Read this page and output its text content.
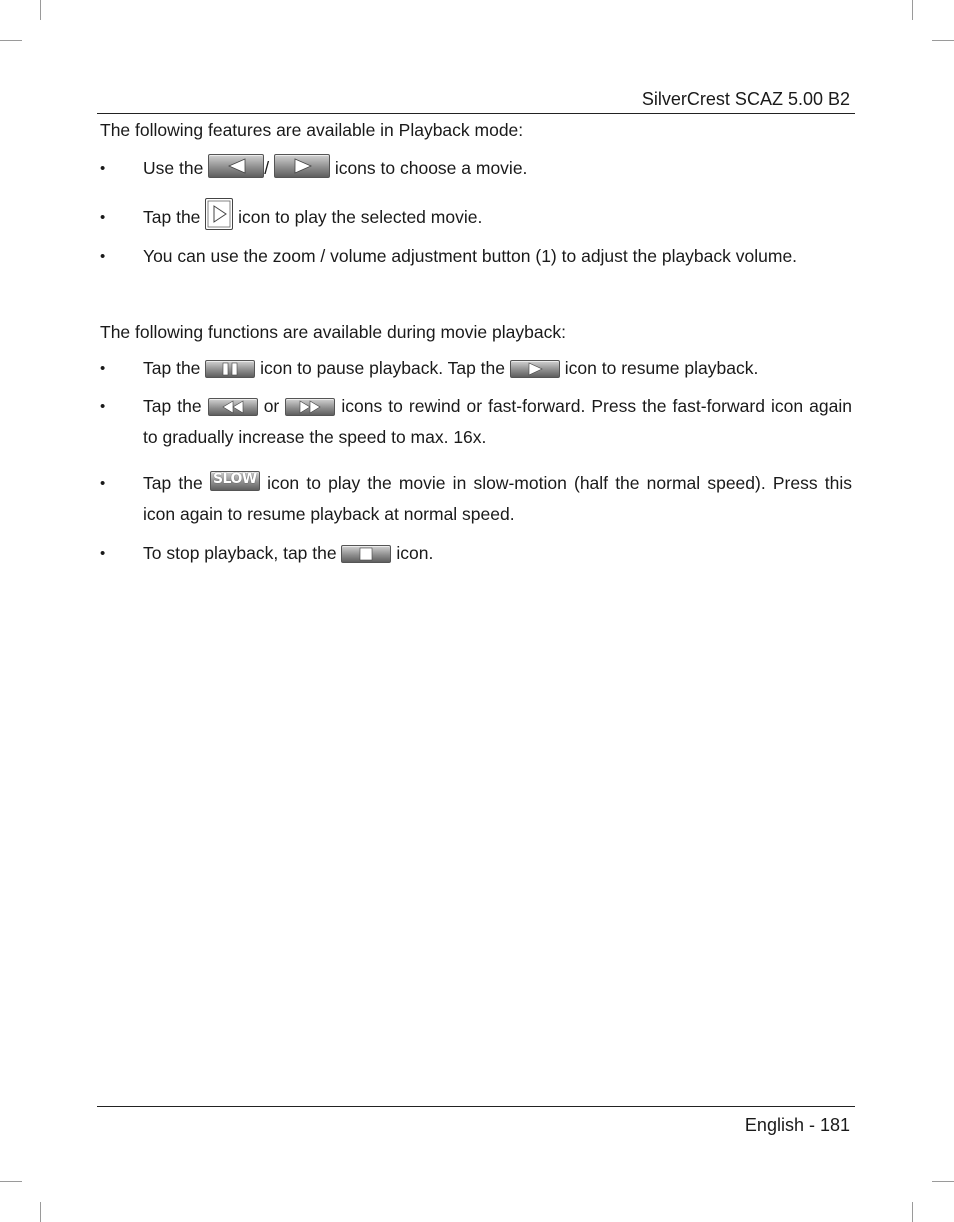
SilverCrest SCAZ 5.00 B2

The following features are available in Playback mode:

• Use the	/	icons to choose a movie.
• Tap the icon to play the selected movie.
• You can use the zoom / volume adjustment button (1) to adjust the playback volume.

The following functions are available during movie playback:

• Tap the	icon to pause playback. Tap the	icon to resume playback.
• Tap the	or	icons to rewind or fast-forward. Press the fast-forward icon again to gradually increase the speed to max. 16x.
• Tap the SLOW icon to play the movie in slow-motion (half the normal speed). Press this icon again to resume playback at normal speed.
• To stop playback, tap the	icon.
English - 181
